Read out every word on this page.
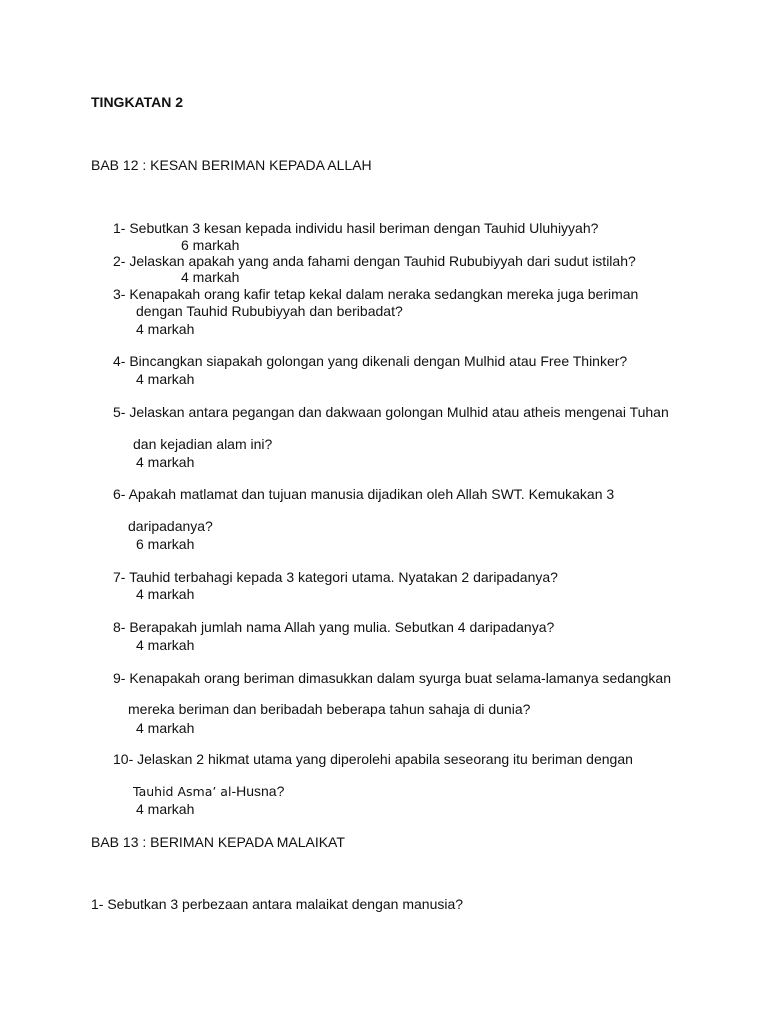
TINGKATAN 2
BAB 12 : KESAN BERIMAN KEPADA ALLAH
1- Sebutkan 3 kesan kepada individu hasil beriman dengan Tauhid Uluhiyyah?
6 markah
2- Jelaskan apakah yang anda fahami dengan Tauhid Rububiyyah dari sudut istilah?
4 markah
3- Kenapakah orang kafir tetap kekal dalam neraka sedangkan mereka juga beriman
dengan Tauhid Rububiyyah dan beribadat?
4 markah
4- Bincangkan siapakah golongan yang dikenali dengan Mulhid atau Free Thinker?
4 markah
5- Jelaskan antara pegangan dan dakwaan golongan Mulhid atau atheis mengenai Tuhan
dan kejadian alam ini?
4 markah
6- Apakah matlamat dan tujuan manusia dijadikan oleh Allah SWT. Kemukakan 3
daripadanya?
6 markah
7- Tauhid terbahagi kepada 3 kategori utama. Nyatakan 2 daripadanya?
4 markah
8- Berapakah jumlah nama Allah yang mulia. Sebutkan 4 daripadanya?
4 markah
9- Kenapakah orang beriman dimasukkan dalam syurga buat selama-lamanya sedangkan
mereka beriman dan beribadah beberapa tahun sahaja di dunia?
4 markah
10- Jelaskan 2 hikmat utama yang diperolehi apabila seseorang itu beriman dengan
Tauhid Asma’ al-Husna?
4 markah
BAB 13 : BERIMAN KEPADA MALAIKAT
1- Sebutkan 3 perbezaan antara malaikat dengan manusia?
